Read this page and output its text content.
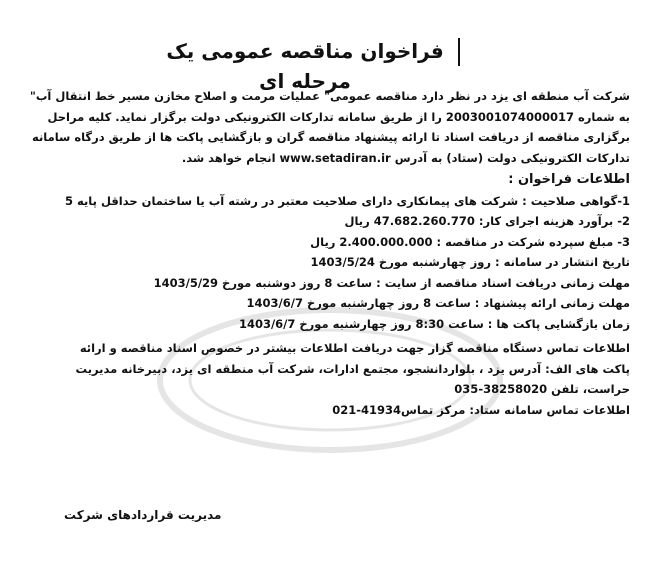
فراخوان مناقصه عمومی یک مرحله ای

شرکت آب منطقه ای یزد در نظر دارد مناقصه عمومی" عملیات مرمت و اصلاح مخازن مسیر خط انتقال آب"
به شماره 2003001074000017 را از طریق سامانه تدارکات الکترونیکی دولت برگزار نماید. کلیه مراحل
برگزاری مناقصه از دریافت اسناد تا ارائه پیشنهاد مناقصه گران و بازگشایی پاکت ها از طریق درگاه سامانه
تدارکات الکترونیکی دولت (ستاد) به آدرس www.setadiran.ir انجام خواهد شد.

اطلاعات فراخوان :
1-گواهی صلاحیت : شرکت های پیمانکاری دارای صلاحیت معتبر در رشته آب یا ساختمان حداقل پایه 5
2- برآورد هزینه اجرای کار: 47.682.260.770 ریال
3- مبلغ سپرده شرکت در مناقصه : 2.400.000.000 ریال
تاریخ انتشار در سامانه : روز چهارشنبه مورخ 1403/5/24
مهلت زمانی دریافت اسناد مناقصه از سایت : ساعت 8 روز دوشنبه مورخ 1403/5/29
مهلت زمانی ارائه پیشنهاد : ساعت 8 روز چهارشنبه مورخ 1403/6/7
زمان بازگشایی پاکت ها : ساعت 8:30 روز چهارشنبه مورخ 1403/6/7

اطلاعات تماس دستگاه مناقصه گزار جهت دریافت اطلاعات بیشتر در خصوص اسناد مناقصه و ارائه
پاکت های الف: آدرس یزد ، بلواردانشجو، مجتمع ادارات، شرکت آب منطقه ای یزد، دبیرخانه مدیریت
حراست، تلفن 38258020-035
اطلاعات تماس سامانه ستاد: مرکز تماس41934-021

مدیریت قراردادهای شرکت
